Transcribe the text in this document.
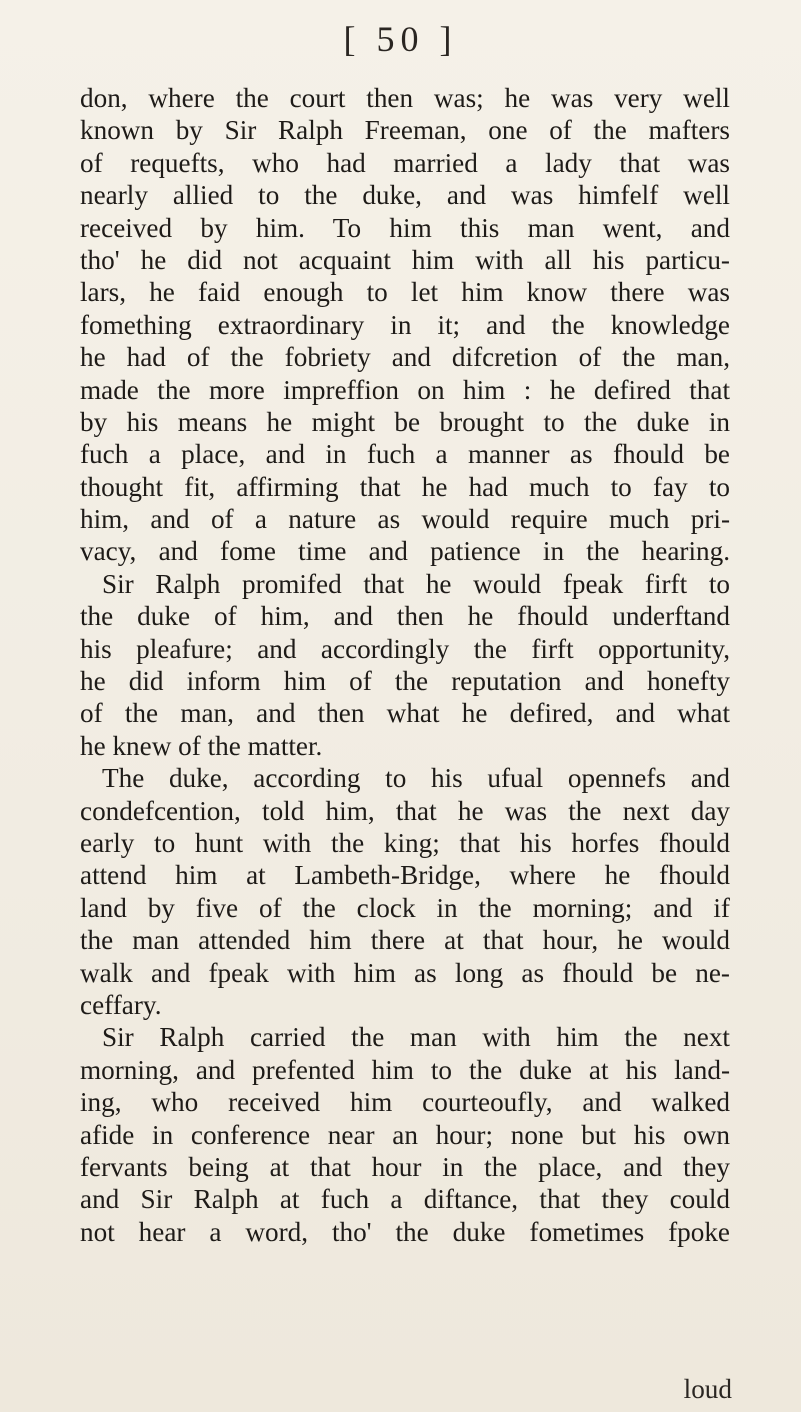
[ 50 ]
don, where the court then was; he was very well
known by Sir Ralph Freeman, one of the mafters
of requefts, who had married a lady that was
nearly allied to the duke, and was himfelf well
received by him. To him this man went, and
tho' he did not acquaint him with all his particu-
lars, he faid enough to let him know there was
fomething extraordinary in it; and the knowledge
he had of the fobriety and difcretion of the man,
made the more impreffion on him : he defired that
by his means he might be brought to the duke in
fuch a place, and in fuch a manner as fhould be
thought fit, affirming that he had much to fay to
him, and of a nature as would require much pri-
vacy, and fome time and patience in the hearing.
Sir Ralph promifed that he would fpeak firft to
the duke of him, and then he fhould underftand
his pleafure; and accordingly the firft opportunity,
he did inform him of the reputation and honefty
of the man, and then what he defired, and what
he knew of the matter.
The duke, according to his ufual opennefs and
condefcention, told him, that he was the next day
early to hunt with the king; that his horfes fhould
attend him at Lambeth-Bridge, where he fhould
land by five of the clock in the morning; and if
the man attended him there at that hour, he would
walk and fpeak with him as long as fhould be ne-
ceffary.
Sir Ralph carried the man with him the next
morning, and prefented him to the duke at his land-
ing, who received him courteoufly, and walked
afide in conference near an hour; none but his own
fervants being at that hour in the place, and they
and Sir Ralph at fuch a diftance, that they could
not hear a word, tho' the duke fometimes fpoke
loud
